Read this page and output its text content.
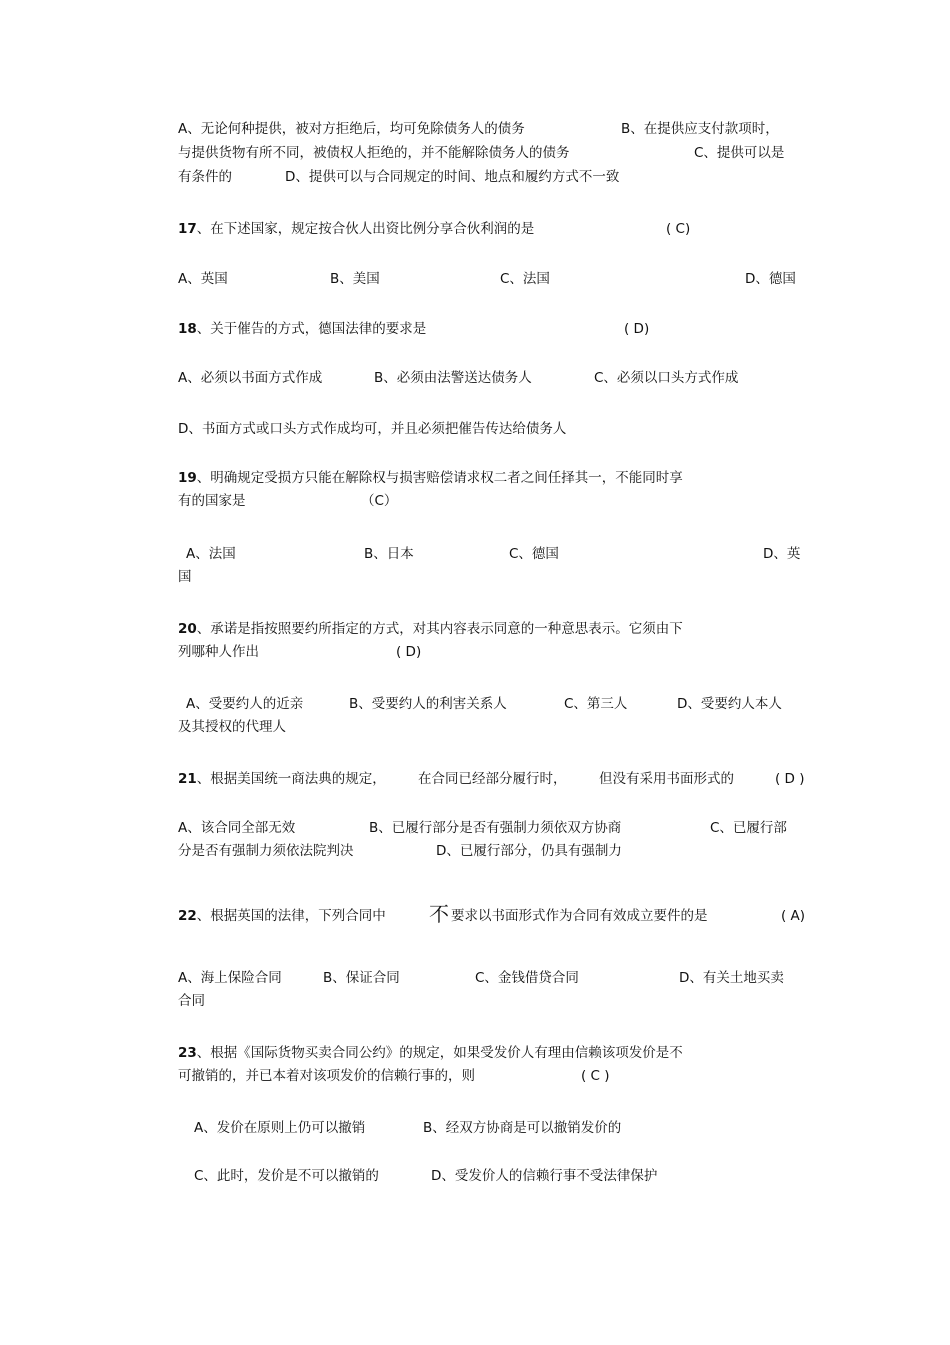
A、无论何种提供，被对方拒绝后，均可免除债务人的债务	B、在提供应支付款项时，
与提供货物有所不同，被债权人拒绝的，并不能解除债务人的债务	C、提供可以是
有条件的	D、提供可以与合同规定的时间、地点和履约方式不一致
17、在下述国家，规定按合伙人出资比例分享合伙利润的是	( C)
A、英国	B、美国	C、法国	D、德国
18、关于催告的方式，德国法律的要求是	( D)
A、必须以书面方式作成	B、必须由法警送达债务人	C、必须以口头方式作成
D、书面方式或口头方式作成均可，并且必须把催告传达给债务人
19、明确规定受损方只能在解除权与损害赔偿请求权二者之间任择其一，不能同时享
有的国家是	（C）
A、法国	B、日本	C、德国	D、英
国
20、承诺是指按照要约所指定的方式，对其内容表示同意的一种意思表示。它须由下
列哪种人作出	( D)
A、受要约人的近亲	B、受要约人的利害关系人	C、第三人	D、受要约人本人
及其授权的代理人
21、根据美国统一商法典的规定， 在合同已经部分履行时， 但没有采用书面形式的	( D )
A、该合同全部无效	B、已履行部分是否有强制力须依双方协商	C、已履行部
分是否有强制力须依法院判决	D、已履行部分，仍具有强制力
22、根据英国的法律，下列合同中 不 要求以书面形式作为合同有效成立要件的是	( A)
A、海上保险合同	B、保证合同	C、金钱借贷合同	D、有关土地买卖
合同
23、根据《国际货物买卖合同公约》的规定，如果受发价人有理由信赖该项发价是不
可撤销的，并已本着对该项发价的信赖行事的，则	( C )
A、发价在原则上仍可以撤销	B、经双方协商是可以撤销发价的
C、此时，发价是不可以撤销的	D、受发价人的信赖行事不受法律保护
